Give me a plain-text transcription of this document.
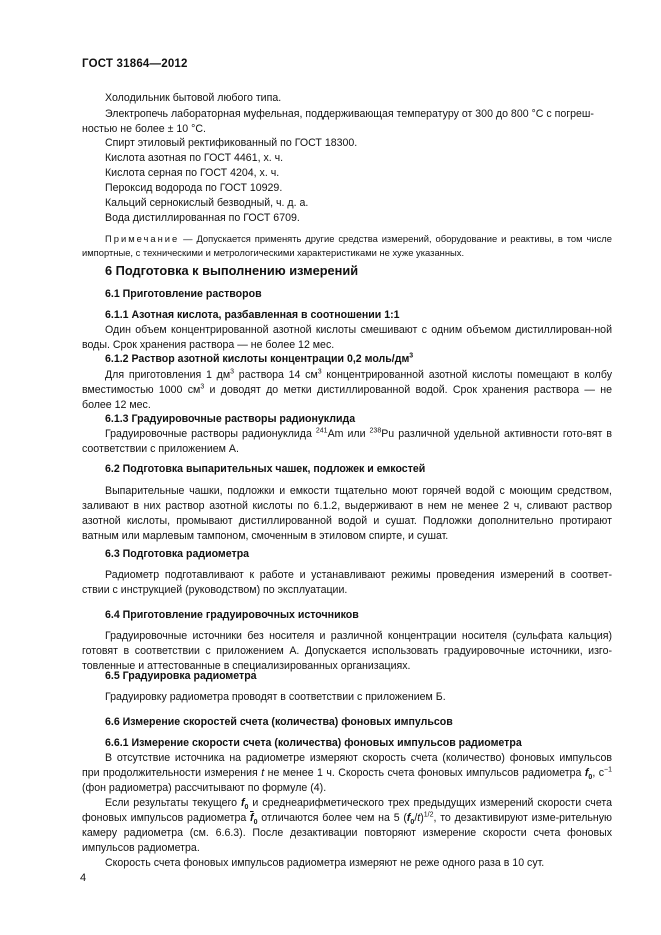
ГОСТ 31864—2012

Холодильник бытовой любого типа.

Электропечь лабораторная муфельная, поддерживающая температуру от 300 до 800 °С с погреш-

ностью не более ± 10 °С.

Спирт этиловый ректификованный по ГОСТ 18300.

Кислота азотная по ГОСТ 4461, х. ч.

Кислота серная по ГОСТ 4204, х. ч.

Пероксид водорода по ГОСТ 10929.

Кальций сернокислый безводный, ч. д. а.

Вода дистиллированная по ГОСТ 6709.

Примечание — Допускается применять другие средства измерений, оборудование и реактивы, в том числе импортные, с техническими и метрологическими характеристиками не хуже указанных.

6 Подготовка к выполнению измерений

6.1 Приготовление растворов

6.1.1 Азотная кислота, разбавленная в соотношении 1:1

Один объем концентрированной азотной кислоты смешивают с одним объемом дистиллирован-ной воды. Срок хранения раствора — не более 12 мес.

6.1.2 Раствор азотной кислоты концентрации 0,2 моль/$дм^3$

Для приготовления 1 $дм^3$ раствора 14 $см^3$ концентрированной азотной кислоты помещают в колбу вместимостью 1000 $см^3$ и доводят до метки дистиллированной водой. Срок хранения раствора — не более 12 мес.

6.1.3 Градуировочные растворы радионуклида

Градуировочные растворы радионуклида $^{241}$Am или $^{238}$Pu различной удельной активности гото-вят в соответствии с приложением А.

6.2 Подготовка выпарительных чашек, подложек и емкостей

Выпарительные чашки, подложки и емкости тщательно моют горячей водой с моющим средством, заливают в них раствор азотной кислоты по 6.1.2, выдерживают в нем не менее 2 ч, сливают раствор азотной кислоты, промывают дистиллированной водой и сушат. Подложки дополнительно протирают ватным или марлевым тампоном, смоченным в этиловом спирте, и сушат.

6.3 Подготовка радиометра

Радиометр подготавливают к работе и устанавливают режимы проведения измерений в соответ-ствии с инструкцией (руководством) по эксплуатации.

6.4 Приготовление градуировочных источников

Градуировочные источники без носителя и различной концентрации носителя (сульфата кальция) готовят в соответствии с приложением А. Допускается использовать градуировочные источники, изго-товленные и аттестованные в специализированных организациях.

6.5 Градуировка радиометра

Градуировку радиометра проводят в соответствии с приложением Б.

6.6 Измерение скоростей счета (количества) фоновых импульсов

6.6.1 Измерение скорости счета (количества) фоновых импульсов радиометра

В отсутствие источника на радиометре измеряют скорость счета (количество) фоновых импульсов при продолжительности измерения t не менее 1 ч. Скорость счета фоновых импульсов радиометра $f_0$, $с^{-1}$ (фон радиометра) рассчитывают по формуле (4).

Если результаты текущего $f_0$ и среднеарифметического трех предыдущих измерений скорости счета фоновых импульсов радиометра $\overline{f}_0$ отличаются более чем на 5 $(f_0/t)^{1/2}$, то дезактивируют изме-рительную камеру радиометра (см. 6.6.3). После дезактивации повторяют измерение скорости счета фоновых импульсов радиометра.

Скорость счета фоновых импульсов радиометра измеряют не реже одного раза в 10 сут.

4
